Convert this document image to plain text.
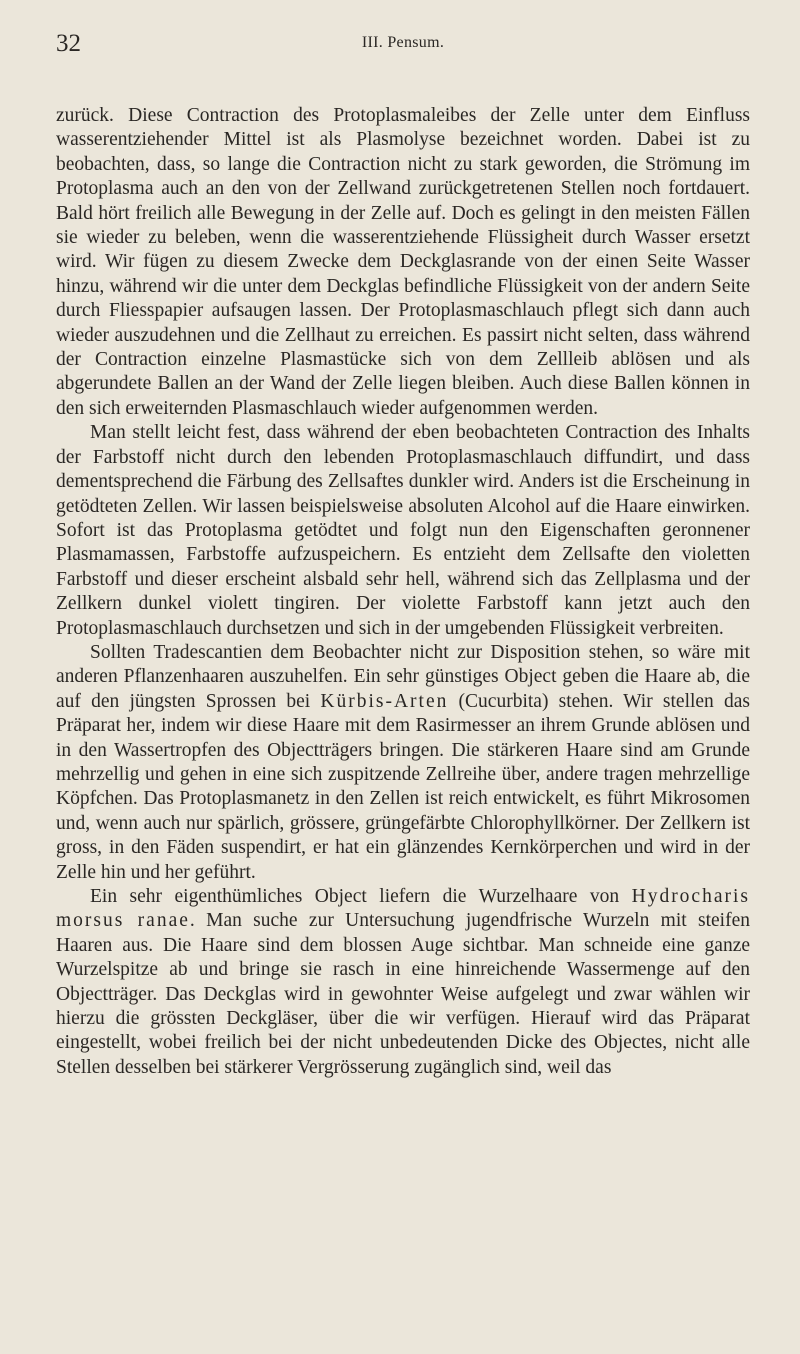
32	III. Pensum.

zurück. Diese Contraction des Protoplasmaleibes der Zelle unter dem Einfluss wasserentziehender Mittel ist als Plasmolyse bezeichnet worden. Dabei ist zu beobachten, dass, so lange die Contraction nicht zu stark geworden, die Strömung im Protoplasma auch an den von der Zellwand zurückgetretenen Stellen noch fortdauert. Bald hört freilich alle Bewegung in der Zelle auf. Doch es gelingt in den meisten Fällen sie wieder zu beleben, wenn die wasserentziehende Flüssigheit durch Wasser ersetzt wird. Wir fügen zu diesem Zwecke dem Deckglasrande von der einen Seite Wasser hinzu, während wir die unter dem Deckglas befindliche Flüssigkeit von der andern Seite durch Fliesspapier aufsaugen lassen. Der Protoplasmaschlauch pflegt sich dann auch wieder auszudehnen und die Zellhaut zu erreichen. Es passirt nicht selten, dass während der Contraction einzelne Plasmastücke sich von dem Zellleib ablösen und als abgerundete Ballen an der Wand der Zelle liegen bleiben. Auch diese Ballen können in den sich erweiternden Plasmaschlauch wieder aufgenommen werden.

Man stellt leicht fest, dass während der eben beobachteten Contraction des Inhalts der Farbstoff nicht durch den lebenden Protoplasmaschlauch diffundirt, und dass dementsprechend die Färbung des Zellsaftes dunkler wird. Anders ist die Erscheinung in getödteten Zellen. Wir lassen beispielsweise absoluten Alcohol auf die Haare einwirken. Sofort ist das Protoplasma getödtet und folgt nun den Eigenschaften geronnener Plasmamassen, Farbstoffe aufzuspeichern. Es entzieht dem Zellsafte den violetten Farbstoff und dieser erscheint alsbald sehr hell, während sich das Zellplasma und der Zellkern dunkel violett tingiren. Der violette Farbstoff kann jetzt auch den Protoplasmaschlauch durchsetzen und sich in der umgebenden Flüssigkeit verbreiten.

Sollten Tradescantien dem Beobachter nicht zur Disposition stehen, so wäre mit anderen Pflanzenhaaren auszuhelfen. Ein sehr günstiges Object geben die Haare ab, die auf den jüngsten Sprossen bei Kürbis-Arten (Cucurbita) stehen. Wir stellen das Präparat her, indem wir diese Haare mit dem Rasirmesser an ihrem Grunde ablösen und in den Wassertropfen des Objectträgers bringen. Die stärkeren Haare sind am Grunde mehrzellig und gehen in eine sich zuspitzende Zellreihe über, andere tragen mehrzellige Köpfchen. Das Protoplasmanetz in den Zellen ist reich entwickelt, es führt Mikrosomen und, wenn auch nur spärlich, grössere, grüngefärbte Chlorophyllkörner. Der Zellkern ist gross, in den Fäden suspendirt, er hat ein glänzendes Kernkörperchen und wird in der Zelle hin und her geführt.

Ein sehr eigenthümliches Object liefern die Wurzelhaare von Hydrocharis morsus ranae. Man suche zur Untersuchung jugendfrische Wurzeln mit steifen Haaren aus. Die Haare sind dem blossen Auge sichtbar. Man schneide eine ganze Wurzelspitze ab und bringe sie rasch in eine hinreichende Wassermenge auf den Objectträger. Das Deckglas wird in gewohnter Weise aufgelegt und zwar wählen wir hierzu die grössten Deckgläser, über die wir verfügen. Hierauf wird das Präparat eingestellt, wobei freilich bei der nicht unbedeutenden Dicke des Objectes, nicht alle Stellen desselben bei stärkerer Vergrösserung zugänglich sind, weil das
